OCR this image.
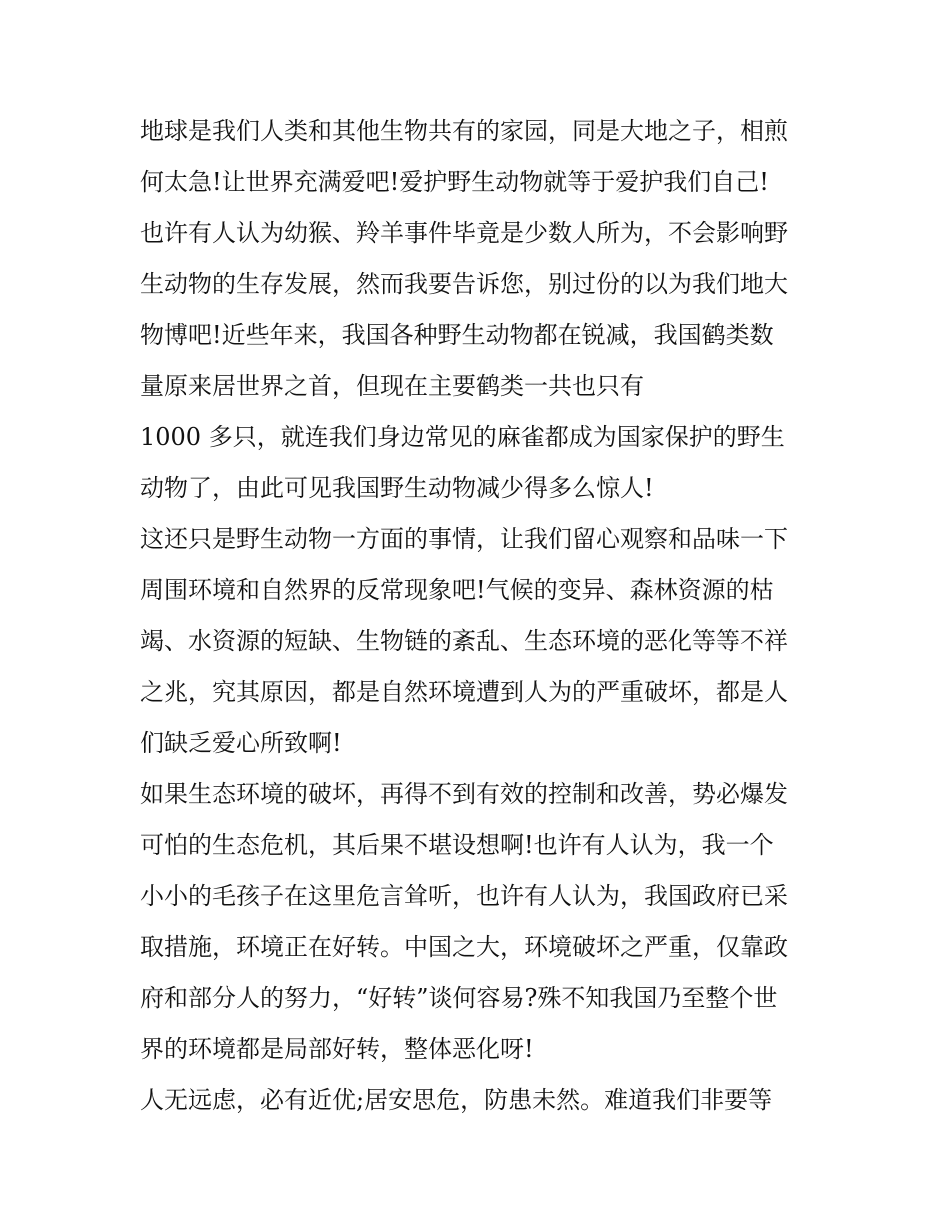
地球是我们人类和其他生物共有的家园，同是大地之子，相煎
何太急!让世界充满爱吧!爱护野生动物就等于爱护我们自己!
也许有人认为幼猴、羚羊事件毕竟是少数人所为，不会影响野
生动物的生存发展，然而我要告诉您，别过份的以为我们地大
物博吧!近些年来，我国各种野生动物都在锐减，我国鹤类数
量原来居世界之首，但现在主要鹤类一共也只有
1000 多只，就连我们身边常见的麻雀都成为国家保护的野生
动物了，由此可见我国野生动物减少得多么惊人!
这还只是野生动物一方面的事情，让我们留心观察和品味一下
周围环境和自然界的反常现象吧!气候的变异、森林资源的枯
竭、水资源的短缺、生物链的紊乱、生态环境的恶化等等不祥
之兆，究其原因，都是自然环境遭到人为的严重破坏，都是人
们缺乏爱心所致啊!
如果生态环境的破坏，再得不到有效的控制和改善，势必爆发
可怕的生态危机，其后果不堪设想啊!也许有人认为，我一个
小小的毛孩子在这里危言耸听，也许有人认为，我国政府已采
取措施，环境正在好转。中国之大，环境破坏之严重，仅靠政
府和部分人的努力，“好转”谈何容易?殊不知我国乃至整个世
界的环境都是局部好转，整体恶化呀!
人无远虑，必有近优;居安思危，防患未然。难道我们非要等
